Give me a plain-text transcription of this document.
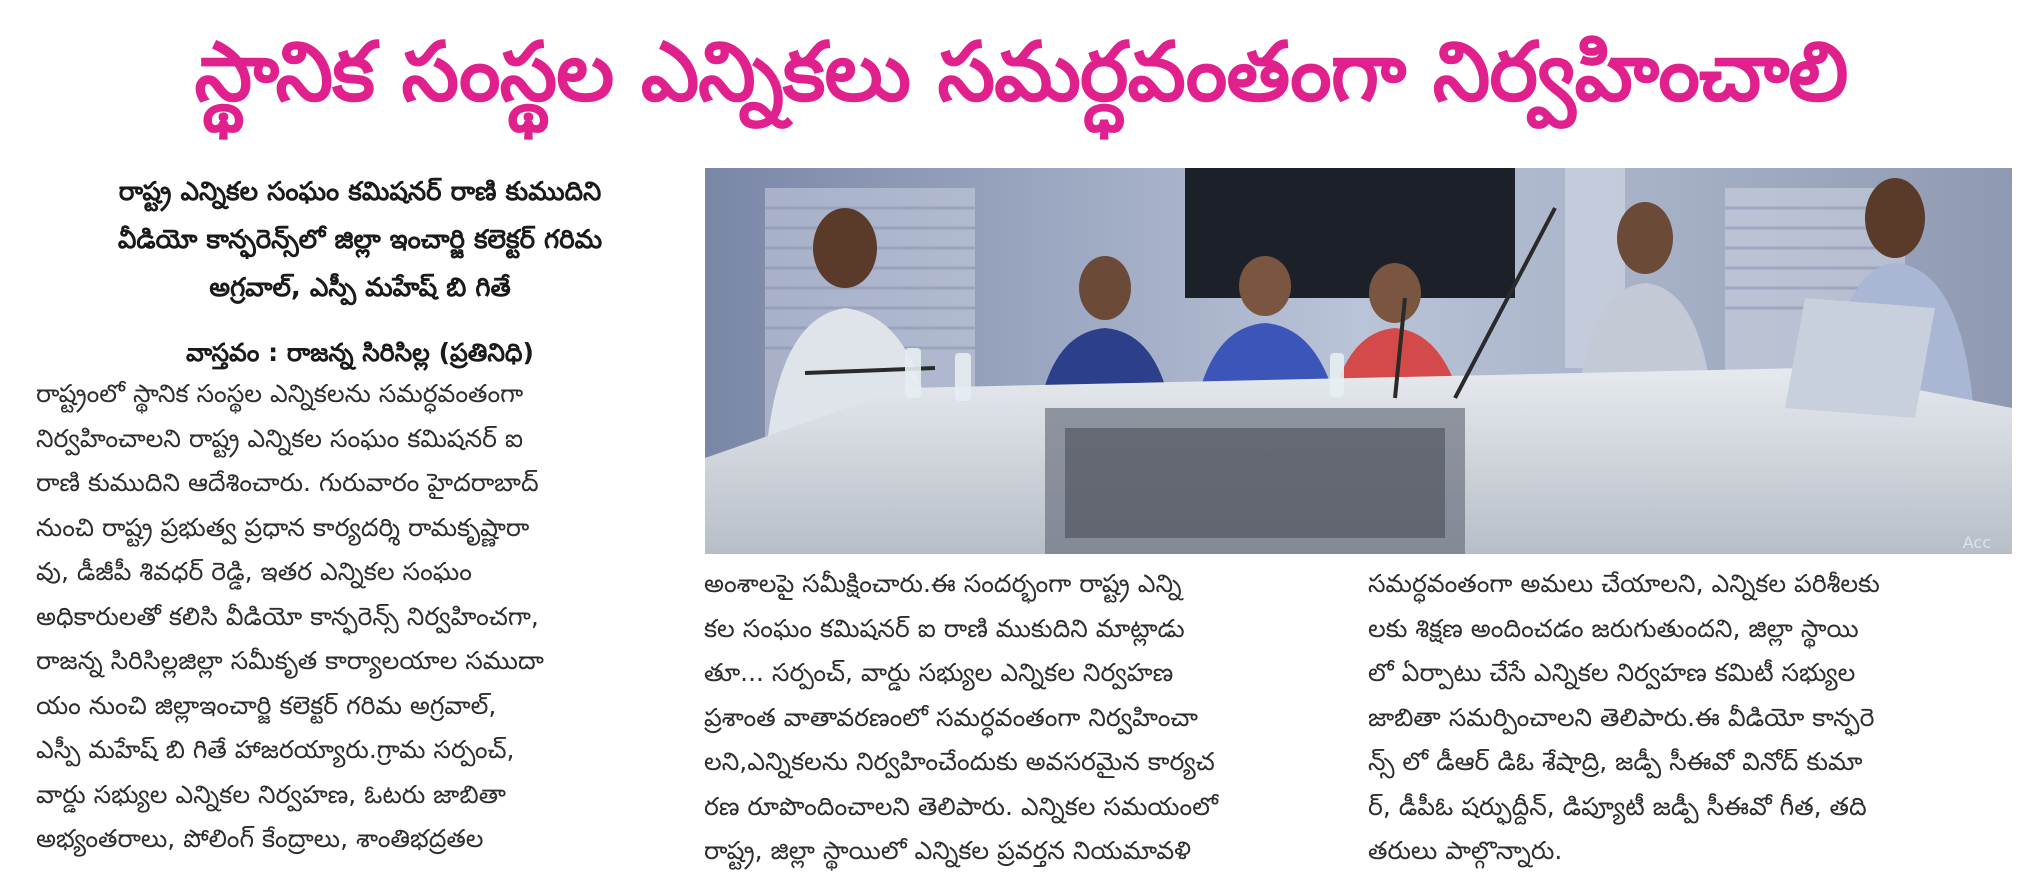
స్థానిక సంస్థల ఎన్నికలు సమర్ధవంతంగా నిర్వహించాలి
రాష్ట్ర ఎన్నికల సంఘం కమిషనర్ రాణి కుముదిని
వీడియో కాన్ఫరెన్స్‌లో జిల్లా ఇంచార్జి కలెక్టర్ గరిమ
అగ్రవాల్, ఎస్పీ మహేష్ బి గితే
వాస్తవం : రాజన్న సిరిసిల్ల (ప్రతినిధి)
Acc
రాష్ట్రంలో స్థానిక సంస్థల ఎన్నికలను సమర్ధవంతంగా
నిర్వహించాలని రాష్ట్ర ఎన్నికల సంఘం కమిషనర్ ఐ
రాణి కుముదిని ఆదేశించారు. గురువారం హైదరాబాద్
నుంచి రాష్ట్ర ప్రభుత్వ ప్రధాన కార్యదర్శి రామకృష్ణారా
వు, డీజీపీ శివధర్ రెడ్డి, ఇతర ఎన్నికల సంఘం
అధికారులతో కలిసి వీడియో కాన్ఫరెన్స్ నిర్వహించగా,
రాజన్న సిరిసిల్లజిల్లా సమీకృత కార్యాలయాల సముదా
యం నుంచి జిల్లాఇంచార్జి కలెక్టర్ గరిమ అగ్రవాల్,
ఎస్పీ మహేష్ బి గితే హాజరయ్యారు.గ్రామ సర్పంచ్,
వార్డు సభ్యుల ఎన్నికల నిర్వహణ, ఓటరు జాబితా
అభ్యంతరాలు, పోలింగ్ కేంద్రాలు, శాంతిభద్రతల
అంశాలపై సమీక్షించారు.ఈ సందర్భంగా రాష్ట్ర ఎన్ని
కల సంఘం కమిషనర్ ఐ రాణి ముకుదిని మాట్లాడు
తూ... సర్పంచ్, వార్డు సభ్యుల ఎన్నికల నిర్వహణ
ప్రశాంత వాతావరణంలో సమర్ధవంతంగా నిర్వహించా
లని,ఎన్నికలను నిర్వహించేందుకు అవసరమైన కార్యచ
రణ రూపొందించాలని తెలిపారు. ఎన్నికల సమయంలో
రాష్ట్ర, జిల్లా స్థాయిలో ఎన్నికల ప్రవర్తన నియమావళి
సమర్ధవంతంగా అమలు చేయాలని, ఎన్నికల పరిశీలకు
లకు శిక్షణ అందించడం జరుగుతుందని, జిల్లా స్థాయి
లో ఏర్పాటు చేసే ఎన్నికల నిర్వహణ కమిటీ సభ్యుల
జాబితా సమర్పించాలని తెలిపారు.ఈ వీడియో కాన్ఫరె
న్స్ లో డీఆర్ డిఓ శేషాద్రి, జడ్పీ సీఈవో వినోద్ కుమా
ర్, డీపీఓ షర్ఫుద్దీన్, డిప్యూటీ జడ్పీ సీఈవో గీత, తది
తరులు పాల్గొన్నారు.
